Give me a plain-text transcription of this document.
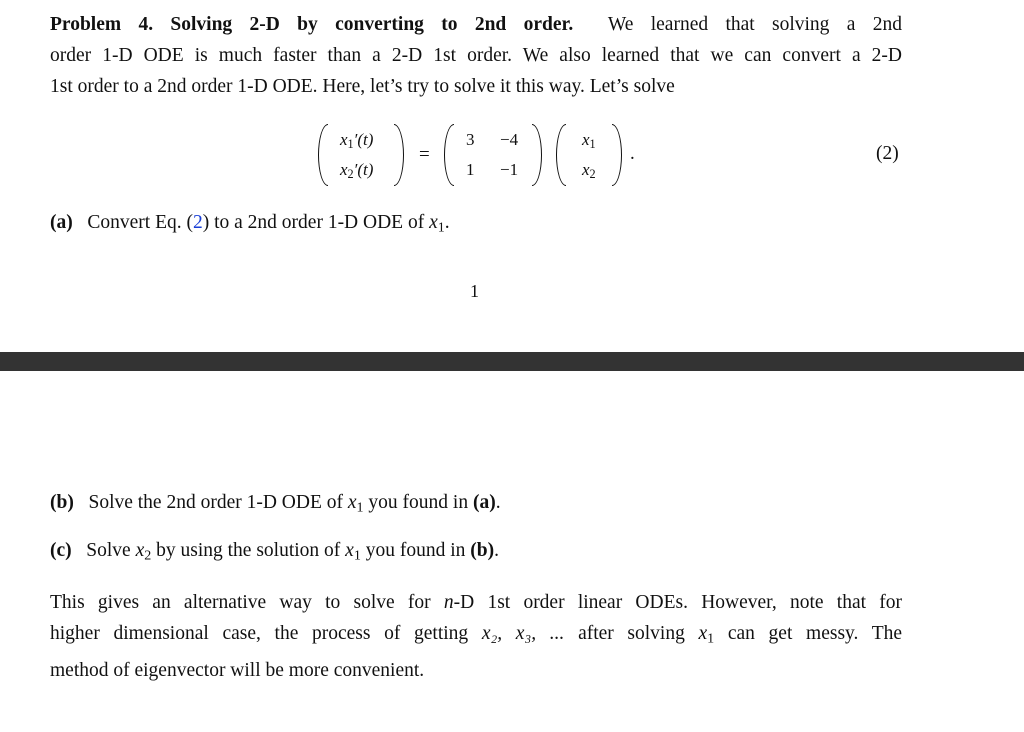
Problem 4. Solving 2-D by converting to 2nd order. We learned that solving a 2nd
order 1-D ODE is much faster than a 2-D 1st order. We also learned that we can convert a 2-D
1st order to a 2nd order 1-D ODE. Here, let’s try to solve it this way. Let’s solve
$x_1'(t)$
$x_2'(t)$
=
3 −4
1 −1
$x_1$
$x_2$
.	(2)
(a) Convert Eq. (2) to a 2nd order 1-D ODE of $x_1$.
1
(b) Solve the 2nd order 1-D ODE of $x_1$ you found in (a).
(c) Solve $x_2$ by using the solution of $x_1$ you found in (b).
This gives an alternative way to solve for n-D 1st order linear ODEs. However, note that for
higher dimensional case, the process of getting x₂, x₃, ... after solving $x_1$ can get messy. The
method of eigenvector will be more convenient.
